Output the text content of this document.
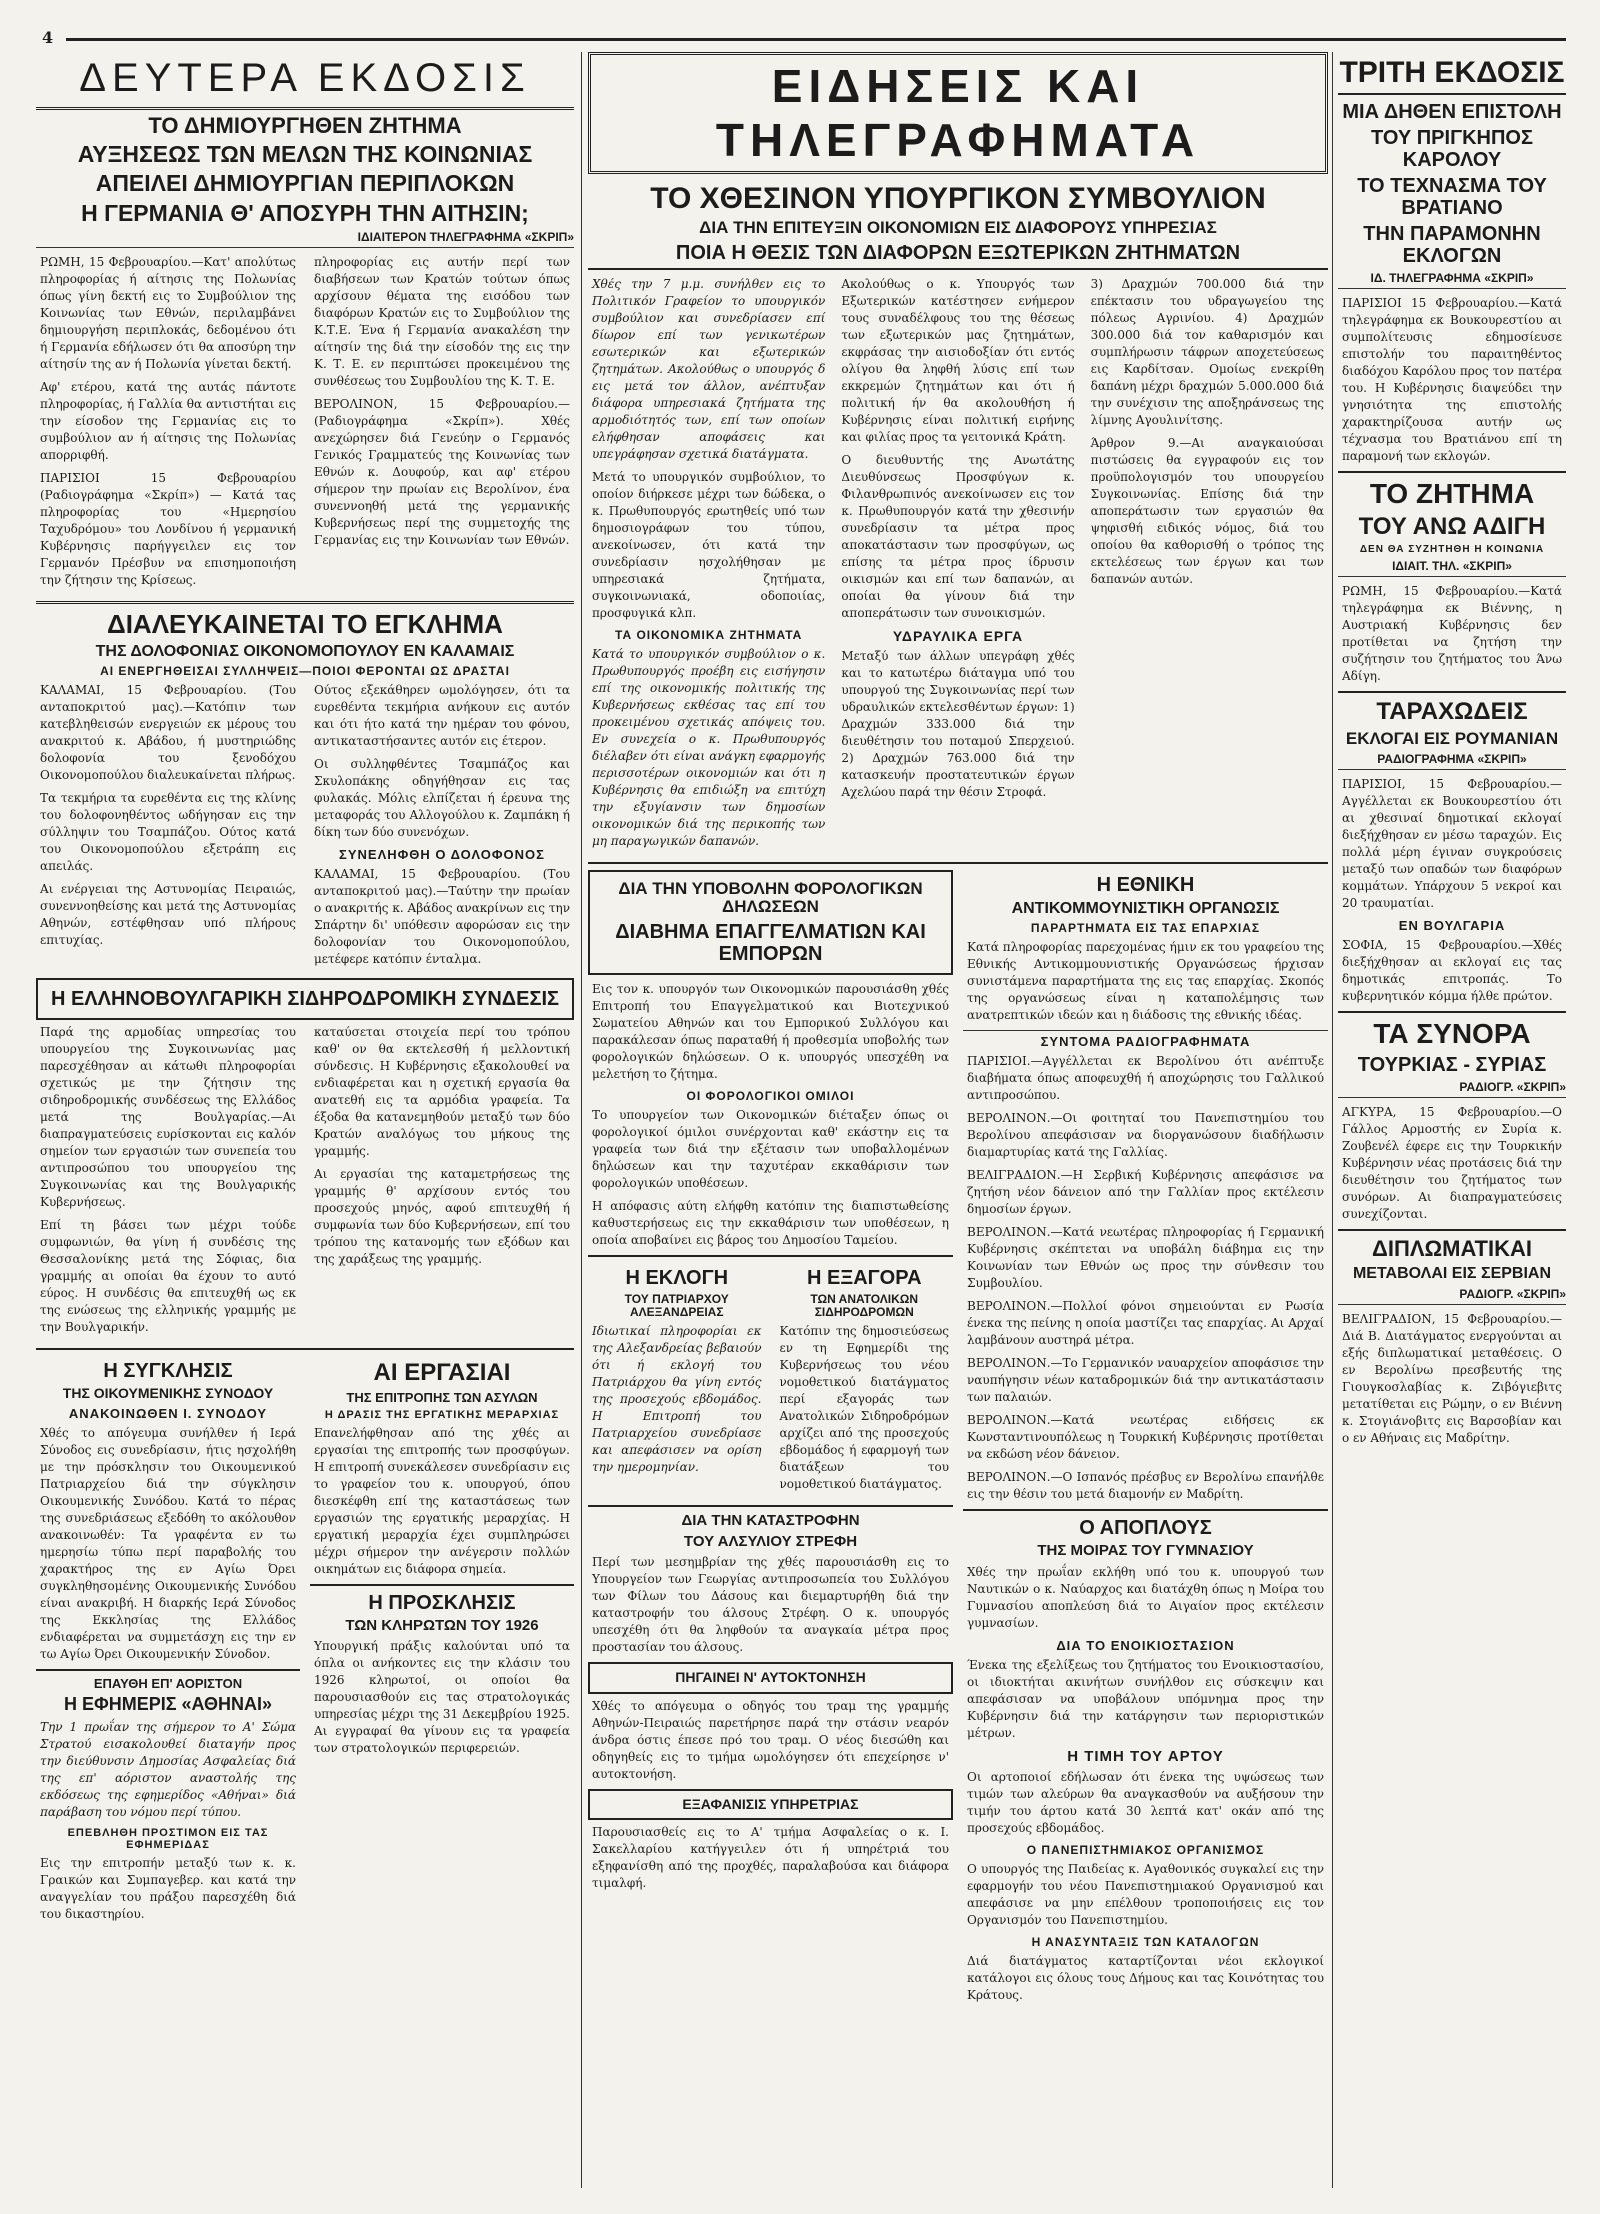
4
ΔΕΥΤΕΡΑ ΕΚΔΟΣΙΣ
ΤΟ ΔΗΜΙΟΥΡΓΗΘΕΝ ΖΗΤΗΜΑ
ΑΥΞΗΣΕΩΣ ΤΩΝ ΜΕΛΩΝ ΤΗΣ ΚΟΙΝΩΝΙΑΣ
ΑΠΕΙΛΕΙ ΔΗΜΙΟΥΡΓΙΑΝ ΠΕΡΙΠΛΟΚΩΝ
Η ΓΕΡΜΑΝΙΑ Θ' ΑΠΟΣΥΡΗ ΤΗΝ ΑΙΤΗΣΙΝ;
ΙΔΙΑΙΤΕΡΟΝ ΤΗΛΕΓΡΑΦΗΜΑ «ΣΚΡΙΠ»

ΡΩΜΗ, 15 Φεβρουαρίου.—Κατ' απολύτως πληροφορίας ή αίτησις της Πολωνίας όπως γίνη δεκτή εις το Συμβούλιον της Κοινωνίας των Εθνών, περιλαμβάνει δημιουργήση περιπλοκάς, δεδομένου ότι ή Γερμανία εδήλωσεν ότι θα αποσύρη την αίτησίν της αν ή Πολωνία γίνεται δεκτή.

Αφ' ετέρου, κατά της αυτάς πάντοτε πληροφορίας, ή Γαλλία θα αντιστήται εις την είσοδον της Γερμανίας εις το συμβούλιον αν ή αίτησις της Πολωνίας απορριφθή.

ΠΑΡΙΣΙΟΙ 15 Φεβρουαρίου (Ραδιογράφημα «Σκρίπ») — Κατά τας πληροφορίας του «Ημερησίου Ταχυδρόμου» του Λονδίνου ή γερμανική Κυβέρνησις παρήγγειλεν εις τον Γερμανόν Πρέσβυν να επισημοποιήση την ζήτησιν της Κρίσεως.

πληροφορίας εις αυτήν περί των διαβήσεων των Κρατών τούτων όπως αρχίσουν θέματα της εισόδου των διαφόρων Κρατών εις το Συμβούλιον της Κ.Τ.Ε. Ένα ή Γερμανία ανακαλέση την αίτησίν της διά την είσοδόν της εις την Κ. Τ. Ε. εν περιπτώσει προκειμένου της συνθέσεως του Συμβουλίου της Κ. Τ. Ε.

ΒΕΡΟΛΙΝΟΝ, 15 Φεβρουαρίου.—(Ραδιογράφημα «Σκρίπ»). Χθές ανεχώρησεν διά Γενεύην ο Γερμανός Γενικός Γραμματεύς της Κοινωνίας των Εθνών κ. Δουφούρ, και αφ' ετέρου σήμερον την πρωίαν εις Βερολίνον, ένα συνεννοηθή μετά της γερμανικής Κυβερνήσεως περί της συμμετοχής της Γερμανίας εις την Κοινωνίαν των Εθνών.

ΔΙΑΛΕΥΚΑΙΝΕΤΑΙ ΤΟ ΕΓΚΛΗΜΑ
ΤΗΣ ΔΟΛΟΦΟΝΙΑΣ ΟΙΚΟΝΟΜΟΠΟΥΛΟΥ ΕΝ ΚΑΛΑΜΑΙΣ
ΑΙ ΕΝΕΡΓΗΘΕΙΣΑΙ ΣΥΛΛΗΨΕΙΣ—ΠΟΙΟΙ ΦΕΡΟΝΤΑΙ ΩΣ ΔΡΑΣΤΑΙ

ΚΑΛΑΜΑΙ, 15 Φεβρουαρίου. (Του ανταποκριτού μας).—Κατόπιν των κατεβληθεισών ενεργειών εκ μέρους του ανακριτού κ. Αβάδου, ή μυστηριώδης δολοφονία του ξενοδόχου Οικονομοπούλου διαλευκαίνεται πλήρως.

Τα τεκμήρια τα ευρεθέντα εις της κλίνης του δολοφονηθέντος ωδήγησαν εις την σύλληψιν του Τσαμπάζου. Ούτος κατά του Οικονομοπούλου εξετράπη εις απειλάς.

Αι ενέργειαι της Αστυνομίας Πειραιώς, συνεννοηθείσης και μετά της Αστυνομίας Αθηνών, εστέφθησαν υπό πλήρους επιτυχίας.

Ούτος εξεκάθηρεν ωμολόγησεν, ότι τα ευρεθέντα τεκμήρια ανήκουν εις αυτόν και ότι ήτο κατά την ημέραν του φόνου, αντικαταστήσαντες αυτόν εις έτερον.

Οι συλληφθέντες Τσαμπάζος και Σκυλοπάκης οδηγήθησαν εις τας φυλακάς. Μόλις ελπίζεται ή έρευνα της μεταφοράς του Αλλογούλου κ. Ζαμπάκη ή δίκη των δύο συνενόχων.

ΣΥΝΕΛΗΦΘΗ Ο ΔΟΛΟΦΟΝΟΣ

ΚΑΛΑΜΑΙ, 15 Φεβρουαρίου. (Του ανταποκριτού μας).—Ταύτην την πρωίαν ο ανακριτής κ. Αβάδος ανακρίνων εις την Σπάρτην δι' υπόθεσιν αφορώσαν εις την δολοφονίαν του Οικονομοπούλου, μετέφερε κατόπιν ένταλμα.

Η ΕΛΛΗΝΟΒΟΥΛΓΑΡΙΚΗ ΣΙΔΗΡΟΔΡΟΜΙΚΗ ΣΥΝΔΕΣΙΣ

Παρά της αρμοδίας υπηρεσίας του υπουργείου της Συγκοινωνίας μας παρεσχέθησαν αι κάτωθι πληροφορίαι σχετικώς με την ζήτησιν της σιδηροδρομικής συνδέσεως της Ελλάδος μετά της Βουλγαρίας.—Αι διαπραγματεύσεις ευρίσκονται εις καλόν σημείον των εργασιών των συνεπεία του αντιπροσώπου του υπουργείου της Συγκοινωνίας και της Βουλγαρικής Κυβερνήσεως.

Επί τη βάσει των μέχρι τούδε συμφωνιών, θα γίνη ή συνδέσις της Θεσσαλονίκης μετά της Σόφιας, δια γραμμής αι οποίαι θα έχουν το αυτό εύρος. Η συνδέσις θα επιτευχθή ως εκ της ενώσεως της ελληνικής γραμμής με την Βουλγαρικήν.

καταύσεται στοιχεία περί του τρόπου καθ' ον θα εκτελεσθή ή μελλοντική σύνδεσις. Η Κυβέρνησις εξακολουθεί να ενδιαφέρεται και η σχετική εργασία θα ανατεθή εις τα αρμόδια γραφεία. Τα έξοδα θα κατανεμηθούν μεταξύ των δύο Κρατών αναλόγως του μήκους της γραμμής.

Αι εργασίαι της καταμετρήσεως της γραμμής θ' αρχίσουν εντός του προσεχούς μηνός, αφού επιτευχθή ή συμφωνία των δύο Κυβερνήσεων, επί του τρόπου της κατανομής των εξόδων και της χαράξεως της γραμμής.

Η ΣΥΓΚΛΗΣΙΣ
ΤΗΣ ΟΙΚΟΥΜΕΝΙΚΗΣ ΣΥΝΟΔΟΥ
ΑΝΑΚΟΙΝΩΘΕΝ Ι. ΣΥΝΟΔΟΥ

Χθές το απόγευμα συνήλθεν ή Ιερά Σύνοδος εις συνεδρίασιν, ήτις ησχολήθη με την πρόσκλησιν του Οικουμενικού Πατριαρχείου διά την σύγκλησιν Οικουμενικής Συνόδου. Κατά το πέρας της συνεδριάσεως εξεδόθη το ακόλουθον ανακοινωθέν: Τα γραφέντα εν τω ημερησίω τύπω περί παραβολής του χαρακτήρος της εν Αγίω Όρει συγκληθησομένης Οικουμενικής Συνόδου είναι ανακριβή. Η διαρκής Ιερά Σύνοδος της Εκκλησίας της Ελλάδος ενδιαφέρεται να συμμετάσχη εις την εν τω Αγίω Όρει Οικουμενικήν Σύνοδον.

ΕΠΑΥΘΗ ΕΠ' ΑΟΡΙΣΤΟΝ
Η ΕΦΗΜΕΡΙΣ «ΑΘΗΝΑΙ»

Την 1 πρωΐαν της σήμερον το Α' Σώμα Στρατού εισακολουθεί διαταγήν προς την διεύθυνσιν Δημοσίας Ασφαλείας διά της επ' αόριστον αναστολής της εκδόσεως της εφημερίδος «Αθήναι» διά παράβαση του νόμου περί τύπου.

ΕΠΕΒΛΗΘΗ ΠΡΟΣΤΙΜΟΝ ΕΙΣ ΤΑΣ ΕΦΗΜΕΡΙΔΑΣ

Εις την επιτροπήν μεταξύ των κ. κ. Γραικών και Συμπαγεβερ. και κατά την αναγγελίαν του πράξου παρεσχέθη διά του δικαστηρίου.

ΑΙ ΕΡΓΑΣΙΑΙ
ΤΗΣ ΕΠΙΤΡΟΠΗΣ ΤΩΝ ΑΣΥΛΩΝ
Η ΔΡΑΣΙΣ ΤΗΣ ΕΡΓΑΤΙΚΗΣ ΜΕΡΑΡΧΙΑΣ

Επανελήφθησαν από της χθές αι εργασίαι της επιτροπής των προσφύγων. Η επιτροπή συνεκάλεσεν συνεδρίασιν εις το γραφείον του κ. υπουργού, όπου διεσκέφθη επί της καταστάσεως των εργασιών της εργατικής μεραρχίας. Η εργατική μεραρχία έχει συμπληρώσει μέχρι σήμερον την ανέγερσιν πολλών οικημάτων εις διάφορα σημεία.

Η ΠΡΟΣΚΛΗΣΙΣ
ΤΩΝ ΚΛΗΡΩΤΩΝ ΤΟΥ 1926

Υπουργική πράξις καλούνται υπό τα όπλα οι ανήκοντες εις την κλάσιν του 1926 κληρωτοί, οι οποίοι θα παρουσιασθούν εις τας στρατολογικάς υπηρεσίας μέχρι της 31 Δεκεμβρίου 1925. Αι εγγραφαί θα γίνουν εις τα γραφεία των στρατολογικών περιφερειών.

ΕΙΔΗΣΕΙΣ ΚΑΙ ΤΗΛΕΓΡΑΦΗΜΑΤΑ
ΤΟ ΧΘΕΣΙΝΟΝ ΥΠΟΥΡΓΙΚΟΝ ΣΥΜΒΟΥΛΙΟΝ
ΔΙΑ ΤΗΝ ΕΠΙΤΕΥΞΙΝ ΟΙΚΟΝΟΜΙΩΝ ΕΙΣ ΔΙΑΦΟΡΟΥΣ ΥΠΗΡΕΣΙΑΣ
ΠΟΙΑ Η ΘΕΣΙΣ ΤΩΝ ΔΙΑΦΟΡΩΝ ΕΞΩΤΕΡΙΚΩΝ ΖΗΤΗΜΑΤΩΝ

Χθές την 7 μ.μ. συνήλθεν εις το Πολιτικόν Γραφείον το υπουργικόν συμβούλιον και συνεδρίασεν επί δίωρον επί των γενικωτέρων εσωτερικών και εξωτερικών ζητημάτων. Ακολούθως ο υπουργός δ εις μετά τον άλλον, ανέπτυξαν διάφορα υπηρεσιακά ζητήματα της αρμοδιότητός των, επί των οποίων ελήφθησαν αποφάσεις και υπεγράφησαν σχετικά διατάγματα.

Μετά το υπουργικόν συμβούλιον, το οποίον διήρκεσε μέχρι των δώδεκα, ο κ. Πρωθυπουργός ερωτηθείς υπό των δημοσιογράφων του τύπου, ανεκοίνωσεν, ότι κατά την συνεδρίασιν ησχολήθησαν με υπηρεσιακά ζητήματα, συγκοινωνιακά, οδοποιίας, προσφυγικά κλπ.

ΤΑ ΟΙΚΟΝΟΜΙΚΑ ΖΗΤΗΜΑΤΑ

Κατά το υπουργικόν συμβούλιον ο κ. Πρωθυπουργός προέβη εις εισήγησιν επί της οικονομικής πολιτικής της Κυβερνήσεως εκθέσας τας επί του προκειμένου σχετικάς απόψεις του. Εν συνεχεία ο κ. Πρωθυπουργός διέλαβεν ότι είναι ανάγκη εφαρμογής περισσοτέρων οικονομιών και ότι η Κυβέρνησις θα επιδιώξη να επιτύχη την εξυγίανσιν των δημοσίων οικονομικών διά της περικοπής των μη παραγωγικών δαπανών.

Ακολούθως ο κ. Υπουργός των Εξωτερικών κατέστησεν ενήμερον τους συναδέλφους του της θέσεως των εξωτερικών μας ζητημάτων, εκφράσας την αισιοδοξίαν ότι εντός ολίγου θα ληφθή λύσις επί των εκκρεμών ζητημάτων και ότι ή πολιτική ήν θα ακολουθήση ή Κυβέρνησις είναι πολιτική ειρήνης και φιλίας προς τα γειτονικά Κράτη.

Ο διευθυντής της Ανωτάτης Διευθύνσεως Προσφύγων κ. Φιλανθρωπινός ανεκοίνωσεν εις τον κ. Πρωθυπουργόν κατά την χθεσινήν συνεδρίασιν τα μέτρα προς αποκατάστασιν των προσφύγων, ως επίσης τα μέτρα προς ίδρυσιν οικισμών και επί των δαπανών, αι οποίαι θα γίνουν διά την αποπεράτωσιν των συνοικισμών.

ΥΔΡΑΥΛΙΚΑ ΕΡΓΑ

Μεταξύ των άλλων υπεγράφη χθές και το κατωτέρω διάταγμα υπό του υπουργού της Συγκοινωνίας περί των υδραυλικών εκτελεσθέντων έργων: 1) Δραχμών 333.000 διά την διευθέτησιν του ποταμού Σπερχειού. 2) Δραχμών 763.000 διά την κατασκευήν προστατευτικών έργων Αχελώου παρά την θέσιν Στροφά.

3) Δραχμών 700.000 διά την επέκτασιν του υδραγωγείου της πόλεως Αγρινίου. 4) Δραχμών 300.000 διά τον καθαρισμόν και συμπλήρωσιν τάφρων αποχετεύσεως εις Καρδίτσαν. Ομοίως ενεκρίθη δαπάνη μέχρι δραχμών 5.000.000 διά την συνέχισιν της αποξηράνσεως της λίμνης Αγουλινίτσης.

Άρθρον 9.—Αι αναγκαιούσαι πιστώσεις θα εγγραφούν εις τον προϋπολογισμόν του υπουργείου Συγκοινωνίας. Επίσης διά την αποπεράτωσιν των εργασιών θα ψηφισθή ειδικός νόμος, διά του οποίου θα καθορισθή ο τρόπος της εκτελέσεως των έργων και των δαπανών αυτών.

ΔΙΑ ΤΗΝ ΥΠΟΒΟΛΗΝ ΦΟΡΟΛΟΓΙΚΩΝ ΔΗΛΩΣΕΩΝ
ΔΙΑΒΗΜΑ ΕΠΑΓΓΕΛΜΑΤΙΩΝ ΚΑΙ ΕΜΠΟΡΩΝ

Εις τον κ. υπουργόν των Οικονομικών παρουσιάσθη χθές Επιτροπή του Επαγγελματικού και Βιοτεχνικού Σωματείου Αθηνών και του Εμπορικού Συλλόγου και παρακάλεσαν όπως παραταθή ή προθεσμία υποβολής των φορολογικών δηλώσεων. Ο κ. υπουργός υπεσχέθη να μελετήση το ζήτημα.

ΟΙ ΦΟΡΟΛΟΓΙΚΟΙ ΟΜΙΛΟΙ

Το υπουργείον των Οικονομικών διέταξεν όπως οι φορολογικοί όμιλοι συνέρχονται καθ' εκάστην εις τα γραφεία των διά την εξέτασιν των υποβαλλομένων δηλώσεων και την ταχυτέραν εκκαθάρισιν των φορολογικών υποθέσεων.

Η απόφασις αύτη ελήφθη κατόπιν της διαπιστωθείσης καθυστερήσεως εις την εκκαθάρισιν των υποθέσεων, η οποία αποβαίνει εις βάρος του Δημοσίου Ταμείου.

Η ΕΚΛΟΓΗ
ΤΟΥ ΠΑΤΡΙΑΡΧΟΥ ΑΛΕΞΑΝΔΡΕΙΑΣ

Ιδιωτικαί πληροφορίαι εκ της Αλεξανδρείας βεβαιούν ότι ή εκλογή του Πατριάρχου θα γίνη εντός της προσεχούς εβδομάδος. Η Επιτροπή του Πατριαρχείου συνεδρίασε και απεφάσισεν να ορίση την ημερομηνίαν.

Η ΕΞΑΓΟΡΑ
ΤΩΝ ΑΝΑΤΟΛΙΚΩΝ ΣΙΔΗΡΟΔΡΟΜΩΝ

Κατόπιν της δημοσιεύσεως εν τη Εφημερίδι της Κυβερνήσεως του νέου νομοθετικού διατάγματος περί εξαγοράς των Ανατολικών Σιδηροδρόμων αρχίζει από της προσεχούς εβδομάδος ή εφαρμογή των διατάξεων του νομοθετικού διατάγματος.

ΔΙΑ ΤΗΝ ΚΑΤΑΣΤΡΟΦΗΝ
ΤΟΥ ΑΛΣΥΛΙΟΥ ΣΤΡΕΦΗ

Περί των μεσημβρίαν της χθές παρουσιάσθη εις το Υπουργείον των Γεωργίας αντιπροσωπεία του Συλλόγου των Φίλων του Δάσους και διεμαρτυρήθη διά την καταστροφήν του άλσους Στρέφη. Ο κ. υπουργός υπεσχέθη ότι θα ληφθούν τα αναγκαία μέτρα προς προστασίαν του άλσους.

ΠΗΓΑΙΝΕΙ Ν' ΑΥΤΟΚΤΟΝΗΣΗ

Χθές το απόγευμα ο οδηγός του τραμ της γραμμής Αθηνών-Πειραιώς παρετήρησε παρά την στάσιν νεαρόν άνδρα όστις έπεσε πρό του τραμ. Ο νέος διεσώθη και οδηγηθείς εις το τμήμα ωμολόγησεν ότι επεχείρησε ν' αυτοκτονήση.

ΕΞΑΦΑΝΙΣΙΣ ΥΠΗΡΕΤΡΙΑΣ

Παρουσιασθείς εις το Α' τμήμα Ασφαλείας ο κ. Ι. Σακελλαρίου κατήγγειλεν ότι ή υπηρέτριά του εξηφανίσθη από της προχθές, παραλαβούσα και διάφορα τιμαλφή.

Η ΕΘΝΙΚΗ
ΑΝΤΙΚΟΜΜΟΥΝΙΣΤΙΚΗ ΟΡΓΑΝΩΣΙΣ
ΠΑΡΑΡΤΗΜΑΤΑ ΕΙΣ ΤΑΣ ΕΠΑΡΧΙΑΣ

Κατά πληροφορίας παρεχομένας ήμιν εκ του γραφείου της Εθνικής Αντικομμουνιστικής Οργανώσεως ήρχισαν συνιστάμενα παραρτήματα της εις τας επαρχίας. Σκοπός της οργανώσεως είναι η καταπολέμησις των ανατρεπτικών ιδεών και η διάδοσις της εθνικής ιδέας.

ΣΥΝΤΟΜΑ ΡΑΔΙΟΓΡΑΦΗΜΑΤΑ

ΠΑΡΙΣΙΟΙ.—Αγγέλλεται εκ Βερολίνου ότι ανέπτυξε διαβήματα όπως αποφευχθή ή αποχώρησις του Γαλλικού αντιπροσώπου.

ΒΕΡΟΛΙΝΟΝ.—Οι φοιτηταί του Πανεπιστημίου του Βερολίνου απεφάσισαν να διοργανώσουν διαδήλωσιν διαμαρτυρίας κατά της Γαλλίας.

ΒΕΛΙΓΡΑΔΙΟΝ.—Η Σερβική Κυβέρνησις απεφάσισε να ζητήση νέον δάνειον από την Γαλλίαν προς εκτέλεσιν δημοσίων έργων.

ΒΕΡΟΛΙΝΟΝ.—Κατά νεωτέρας πληροφορίας ή Γερμανική Κυβέρνησις σκέπτεται να υποβάλη διάβημα εις την Κοινωνίαν των Εθνών ως προς την σύνθεσιν του Συμβουλίου.

ΒΕΡΟΛΙΝΟΝ.—Πολλοί φόνοι σημειούνται εν Ρωσία ένεκα της πείνης η οποία μαστίζει τας επαρχίας. Αι Αρχαί λαμβάνουν αυστηρά μέτρα.

ΒΕΡΟΛΙΝΟΝ.—Το Γερμανικόν ναυαρχείον αποφάσισε την ναυπήγησιν νέων καταδρομικών διά την αντικατάστασιν των παλαιών.

ΒΕΡΟΛΙΝΟΝ.—Κατά νεωτέρας ειδήσεις εκ Κωνσταντινουπόλεως η Τουρκική Κυβέρνησις προτίθεται να εκδώση νέον δάνειον.

ΒΕΡΟΛΙΝΟΝ.—Ο Ισπανός πρέσβυς εν Βερολίνω επανήλθε εις την θέσιν του μετά διαμονήν εν Μαδρίτη.

Ο ΑΠΟΠΛΟΥΣ
ΤΗΣ ΜΟΙΡΑΣ ΤΟΥ ΓΥΜΝΑΣΙΟΥ

Χθές την πρωΐαν εκλήθη υπό του κ. υπουργού των Ναυτικών ο κ. Ναύαρχος και διατάχθη όπως η Μοίρα του Γυμνασίου αποπλεύση διά το Αιγαίον προς εκτέλεσιν γυμνασίων.

ΔΙΑ ΤΟ ΕΝΟΙΚΙΟΣΤΑΣΙΟΝ

Ένεκα της εξελίξεως του ζητήματος του Ενοικιοστασίου, οι ιδιοκτήται ακινήτων συνήλθον εις σύσκεψιν και απεφάσισαν να υποβάλουν υπόμνημα προς την Κυβέρνησιν διά την κατάργησιν των περιοριστικών μέτρων.

Η ΤΙΜΗ ΤΟΥ ΑΡΤΟΥ

Οι αρτοποιοί εδήλωσαν ότι ένεκα της υψώσεως των τιμών των αλεύρων θα αναγκασθούν να αυξήσουν την τιμήν του άρτου κατά 30 λεπτά κατ' οκάν από της προσεχούς εβδομάδος.

Ο ΠΑΝΕΠΙΣΤΗΜΙΑΚΟΣ ΟΡΓΑΝΙΣΜΟΣ

Ο υπουργός της Παιδείας κ. Αγαθονικός συγκαλεί εις την εφαρμογήν του νέου Πανεπιστημιακού Οργανισμού και απεφάσισε να μην επέλθουν τροποποιήσεις εις τον Οργανισμόν του Πανεπιστημίου.

Η ΑΝΑΣΥΝΤΑΞΙΣ ΤΩΝ ΚΑΤΑΛΟΓΩΝ

Διά διατάγματος καταρτίζονται νέοι εκλογικοί κατάλογοι εις όλους τους Δήμους και τας Κοινότητας του Κράτους.

ΤΡΙΤΗ ΕΚΔΟΣΙΣ
ΜΙΑ ΔΗΘΕΝ ΕΠΙΣΤΟΛΗ
ΤΟΥ ΠΡΙΓΚΗΠΟΣ ΚΑΡΟΛΟΥ
ΤΟ ΤΕΧΝΑΣΜΑ ΤΟΥ ΒΡΑΤΙΑΝΟ
ΤΗΝ ΠΑΡΑΜΟΝΗΝ ΕΚΛΟΓΩΝ
ΙΔ. ΤΗΛΕΓΡΑΦΗΜΑ «ΣΚΡΙΠ»

ΠΑΡΙΣΙΟΙ 15 Φεβρουαρίου.—Κατά τηλεγράφημα εκ Βουκουρεστίου αι συμπολίτευσις εδημοσίευσε επιστολήν του παραιτηθέντος διαδόχου Καρόλου προς τον πατέρα του. Η Κυβέρνησις διαψεύδει την γνησιότητα της επιστολής χαρακτηρίζουσα αυτήν ως τέχνασμα του Βρατιάνου επί τη παραμονή των εκλογών.

ΤΟ ΖΗΤΗΜΑ
ΤΟΥ ΑΝΩ ΑΔΙΓΗ
ΔΕΝ ΘΑ ΣΥΖΗΤΗΘΗ Η ΚΟΙΝΩΝΙΑ
ΙΔΙΑΙΤ. ΤΗΛ. «ΣΚΡΙΠ»

ΡΩΜΗ, 15 Φεβρουαρίου.—Κατά τηλεγράφημα εκ Βιέννης, η Αυστριακή Κυβέρνησις δεν προτίθεται να ζητήση την συζήτησιν του ζητήματος του Άνω Αδίγη.

ΤΑΡΑΧΩΔΕΙΣ
ΕΚΛΟΓΑΙ ΕΙΣ ΡΟΥΜΑΝΙΑΝ
ΡΑΔΙΟΓΡΑΦΗΜΑ «ΣΚΡΙΠ»

ΠΑΡΙΣΙΟΙ, 15 Φεβρουαρίου.—Αγγέλλεται εκ Βουκουρεστίου ότι αι χθεσιναί δημοτικαί εκλογαί διεξήχθησαν εν μέσω ταραχών. Εις πολλά μέρη έγιναν συγκρούσεις μεταξύ των οπαδών των διαφόρων κομμάτων. Υπάρχουν 5 νεκροί και 20 τραυματίαι.

ΕΝ ΒΟΥΛΓΑΡΙΑ

ΣΟΦΙΑ, 15 Φεβρουαρίου.—Χθές διεξήχθησαν αι εκλογαί εις τας δημοτικάς επιτροπάς. Το κυβερνητικόν κόμμα ήλθε πρώτον.

ΤΑ ΣΥΝΟΡΑ
ΤΟΥΡΚΙΑΣ - ΣΥΡΙΑΣ
ΡΑΔΙΟΓΡ. «ΣΚΡΙΠ»

ΑΓΚΥΡΑ, 15 Φεβρουαρίου.—Ο Γάλλος Αρμοστής εν Συρία κ. Ζουβενέλ έφερε εις την Τουρκικήν Κυβέρνησιν νέας προτάσεις διά την διευθέτησιν του ζητήματος των συνόρων. Αι διαπραγματεύσεις συνεχίζονται.

ΔΙΠΛΩΜΑΤΙΚΑΙ
ΜΕΤΑΒΟΛΑΙ ΕΙΣ ΣΕΡΒΙΑΝ
ΡΑΔΙΟΓΡ. «ΣΚΡΙΠ»

ΒΕΛΙΓΡΑΔΙΟΝ, 15 Φεβρουαρίου.—Διά Β. Διατάγματος ενεργούνται αι εξής διπλωματικαί μεταθέσεις. Ο εν Βερολίνω πρεσβευτής της Γιουγκοσλαβίας κ. Ζιβόγιεβιτς μετατίθεται εις Ρώμην, ο εν Βιέννη κ. Στογιάνοβιτς εις Βαρσοβίαν και ο εν Αθήναις εις Μαδρίτην.
